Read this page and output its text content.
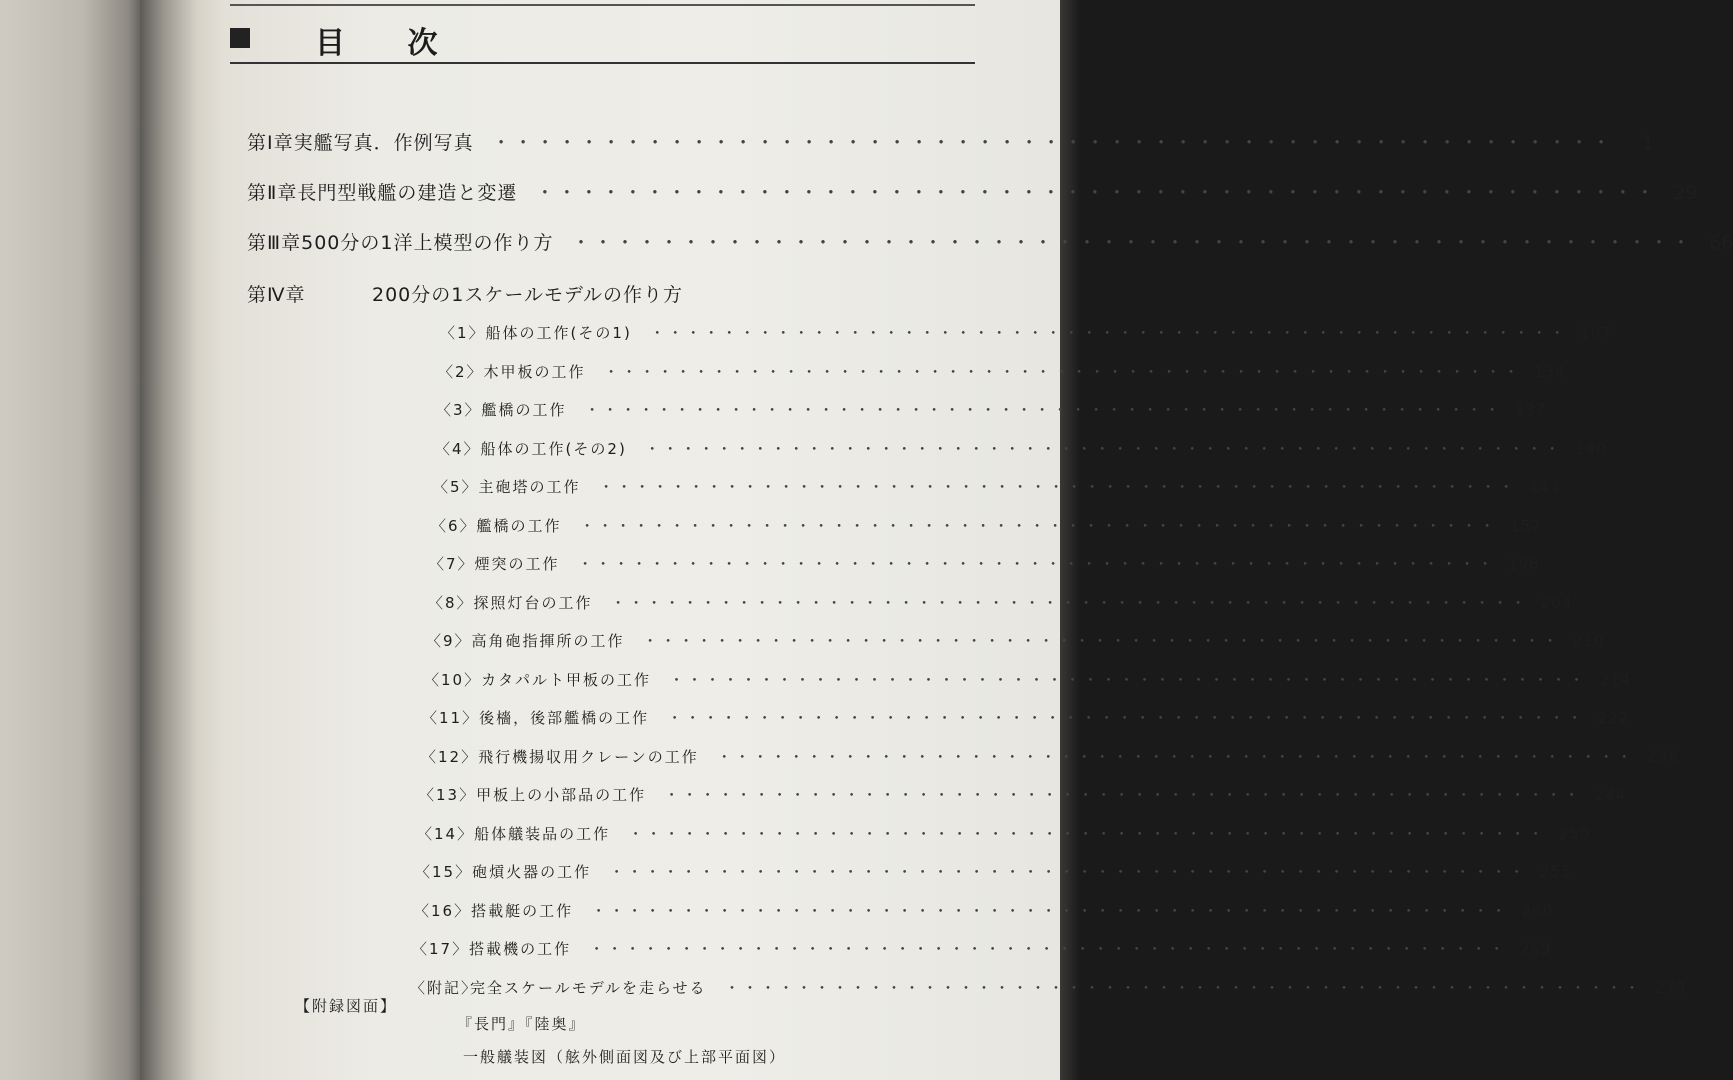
目 次
第Ⅰ章 実艦写真．作例写真 ・・・・・・・・・・・・・・・・・・・・・・・・・・・・・・・・・・・・・・・・・・・・・・・・・・・	1
第Ⅱ章 長門型戦艦の建造と変遷 ・・・・・・・・・・・・・・・・・・・・・・・・・・・・・・・・・・・・・・・・・・・・・・・・・・・ 29
第Ⅲ章 500分の1洋上模型の作り方 ・・・・・・・・・・・・・・・・・・・・・・・・・・・・・・・・・・・・・・・・・・・・・・・・・・・ 66
第Ⅳ章	200分の1スケールモデルの作り方
〈1〉 船体の工作(その1) ・・・・・・・・・・・・・・・・・・・・・・・・・・・・・・・・・・・・・・・・・・・・・・・・・・・ 107
〈2〉 木甲板の工作 ・・・・・・・・・・・・・・・・・・・・・・・・・・・・・・・・・・・・・・・・・・・・・・・・・・・ 134
〈3〉 艦橋の工作 ・・・・・・・・・・・・・・・・・・・・・・・・・・・・・・・・・・・・・・・・・・・・・・・・・・・ 137
〈4〉 船体の工作(その2) ・・・・・・・・・・・・・・・・・・・・・・・・・・・・・・・・・・・・・・・・・・・・・・・・・・・ 140
〈5〉 主砲塔の工作 ・・・・・・・・・・・・・・・・・・・・・・・・・・・・・・・・・・・・・・・・・・・・・・・・・・・ 144
〈6〉 艦橋の工作 ・・・・・・・・・・・・・・・・・・・・・・・・・・・・・・・・・・・・・・・・・・・・・・・・・・・ 157
〈7〉 煙突の工作 ・・・・・・・・・・・・・・・・・・・・・・・・・・・・・・・・・・・・・・・・・・・・・・・・・・・ 198
〈8〉 探照灯台の工作 ・・・・・・・・・・・・・・・・・・・・・・・・・・・・・・・・・・・・・・・・・・・・・・・・・・・ 204
〈9〉 高角砲指揮所の工作 ・・・・・・・・・・・・・・・・・・・・・・・・・・・・・・・・・・・・・・・・・・・・・・・・・・・ 210
〈10〉 カタパルト甲板の工作 ・・・・・・・・・・・・・・・・・・・・・・・・・・・・・・・・・・・・・・・・・・・・・・・・・・・ 214
〈11〉 後檣，後部艦橋の工作 ・・・・・・・・・・・・・・・・・・・・・・・・・・・・・・・・・・・・・・・・・・・・・・・・・・・ 222
〈12〉 飛行機揚収用クレーンの工作 ・・・・・・・・・・・・・・・・・・・・・・・・・・・・・・・・・・・・・・・・・・・・・・・・・・・ 238
〈13〉 甲板上の小部品の工作 ・・・・・・・・・・・・・・・・・・・・・・・・・・・・・・・・・・・・・・・・・・・・・・・・・・・ 244
〈14〉 船体艤装品の工作 ・・・・・・・・・・・・・・・・・・・・・・・・・・・・・・・・・・・・・・・・・・・・・・・・・・・ 250
〈15〉 砲熕火器の工作 ・・・・・・・・・・・・・・・・・・・・・・・・・・・・・・・・・・・・・・・・・・・・・・・・・・・ 255
〈16〉 搭載艇の工作 ・・・・・・・・・・・・・・・・・・・・・・・・・・・・・・・・・・・・・・・・・・・・・・・・・・・ 260
〈17〉 搭載機の工作 ・・・・・・・・・・・・・・・・・・・・・・・・・・・・・・・・・・・・・・・・・・・・・・・・・・・ 269
〈附記〉
完全スケールモデルを走らせる ・・・・・・・・・・・・・・・・・・・・・・・・・・・・・・・・・・・・・・・・・・・・・・・・・・・ 273
【附録図面】
『長門』『陸奥』
一般艤装図（舷外側面図及び上部平面図）
